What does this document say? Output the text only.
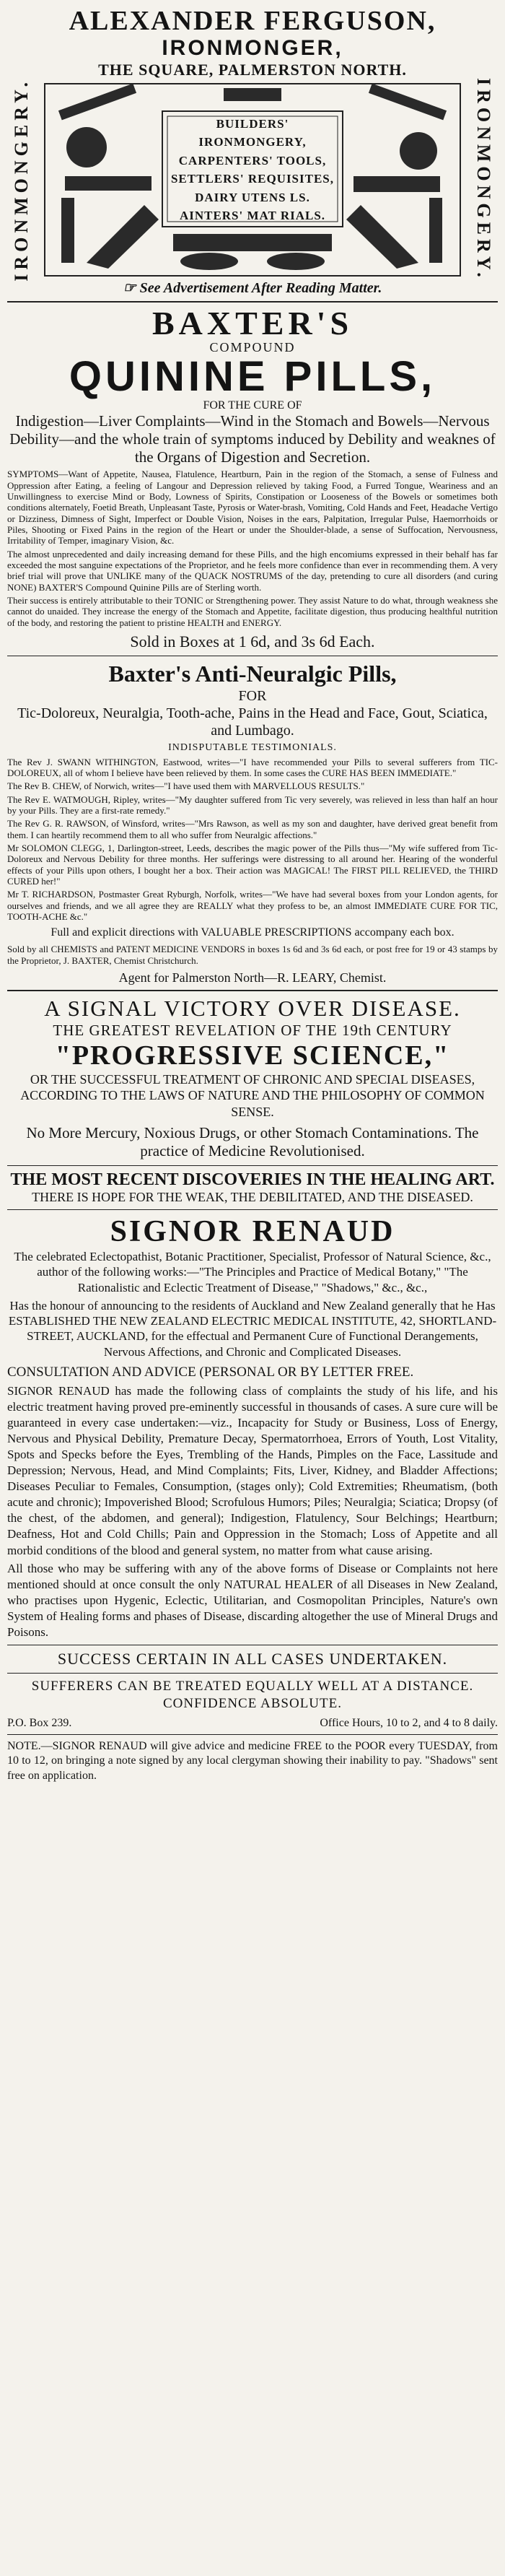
ALEXANDER FERGUSON,
IRONMONGER,
THE SQUARE, PALMERSTON NORTH.
IRONMONGERY.	IRONMONGERY.
BUILDERS' IRONMONGERY,
CARPENTERS' TOOLS,
SETTLERS' REQUISITES,
DAIRY UTENS LS.
AINTERS' MAT RIALS.
☞ See Advertisement After Reading Matter.
BAXTER'S
COMPOUND
QUININE PILLS,
FOR THE CURE OF
Indigestion—Liver Complaints—Wind in the Stomach and Bowels—Nervous Debility—and the whole train of symptoms induced by Debility and weaknes of the Organs of Digestion and Secretion.

SYMPTOMS—Want of Appetite, Nausea, Flatulence, Heartburn, Pain in the region of the Stomach, a sense of Fulness and Oppression after Eating, a feeling of Langour and Depression relieved by taking Food, a Furred Tongue, Weariness and an Unwillingness to exercise Mind or Body, Lowness of Spirits, Constipation or Looseness of the Bowels or sometimes both conditions alternately, Foetid Breath, Unpleasant Taste, Pyrosis or Water-brash, Vomiting, Cold Hands and Feet, Headache Vertigo or Dizziness, Dimness of Sight, Imperfect or Double Vision, Noises in the ears, Palpitation, Irregular Pulse, Haemorrhoids or Piles, Shooting or Fixed Pains in the region of the Heart or under the Shoulder-blade, a sense of Suffocation, Nervousness, Irritability of Temper, imaginary Vision, &c.

The almost unprecedented and daily increasing demand for these Pills, and the high encomiums expressed in their behalf has far exceeded the most sanguine expectations of the Proprietor, and he feels more confidence than ever in recommending them. A very brief trial will prove that UNLIKE many of the QUACK NOSTRUMS of the day, pretending to cure all disorders (and curing NONE) BAXTER'S Compound Quinine Pills are of Sterling worth.

Their success is entirely attributable to their TONIC or Strengthening power. They assist Nature to do what, through weakness she cannot do unaided. They increase the energy of the Stomach and Appetite, facilitate digestion, thus producing healthful nutrition of the body, and restoring the patient to pristine HEALTH and ENERGY.

Sold in Boxes at 1 6d, and 3s 6d Each.
Baxter's Anti-Neuralgic Pills,
FOR
Tic-Doloreux, Neuralgia, Tooth-ache, Pains in the Head and Face, Gout, Sciatica, and Lumbago.
INDISPUTABLE TESTIMONIALS.

The Rev J. SWANN WITHINGTON, Eastwood, writes—"I have recommended your Pills to several sufferers from TIC-DOLOREUX, all of whom I believe have been relieved by them. In some cases the CURE HAS BEEN IMMEDIATE."

The Rev B. CHEW, of Norwich, writes—"I have used them with MARVELLOUS RESULTS."

The Rev E. WATMOUGH, Ripley, writes—"My daughter suffered from Tic very severely, was relieved in less than half an hour by your Pills. They are a first-rate remedy."

The Rev G. R. RAWSON, of Winsford, writes—"Mrs Rawson, as well as my son and daughter, have derived great benefit from them. I can heartily recommend them to all who suffer from Neuralgic affections."

Mr SOLOMON CLEGG, 1, Darlington-street, Leeds, describes the magic power of the Pills thus—"My wife suffered from Tic-Doloreux and Nervous Debility for three months. Her sufferings were distressing to all around her. Hearing of the wonderful effects of your Pills upon others, I bought her a box. Their action was MAGICAL! The FIRST PILL RELIEVED, the THIRD CURED her!"

Mr T. RICHARDSON, Postmaster Great Ryburgh, Norfolk, writes—"We have had several boxes from your London agents, for ourselves and friends, and we all agree they are REALLY what they profess to be, an almost IMMEDIATE CURE FOR TIC, TOOTH-ACHE &c."

Full and explicit directions with VALUABLE PRESCRIPTIONS accompany each box.

Sold by all CHEMISTS and PATENT MEDICINE VENDORS in boxes 1s 6d and 3s 6d each, or post free for 19 or 43 stamps by the Proprietor, J. BAXTER, Chemist Christchurch.

Agent for Palmerston North—R. LEARY, Chemist.
A SIGNAL VICTORY OVER DISEASE.
THE GREATEST REVELATION OF THE 19th CENTURY
"PROGRESSIVE SCIENCE,"
OR THE SUCCESSFUL TREATMENT OF CHRONIC AND SPECIAL DISEASES, ACCORDING TO THE LAWS OF NATURE AND THE PHILOSOPHY OF COMMON SENSE.
No More Mercury, Noxious Drugs, or other Stomach Contaminations. The practice of Medicine Revolutionised.
THE MOST RECENT DISCOVERIES IN THE HEALING ART.
THERE IS HOPE FOR THE WEAK, THE DEBILITATED, AND THE DISEASED.
SIGNOR RENAUD
The celebrated Eclectopathist, Botanic Practitioner, Specialist, Professor of Natural Science, &c., author of the following works:—"The Principles and Practice of Medical Botany," "The Rationalistic and Eclectic Treatment of Disease," "Shadows," &c., &c.,
Has the honour of announcing to the residents of Auckland and New Zealand generally that he Has ESTABLISHED THE NEW ZEALAND ELECTRIC MEDICAL INSTITUTE, 42, SHORTLAND-STREET, AUCKLAND, for the effectual and Permanent Cure of Functional Derangements, Nervous Affections, and Chronic and Complicated Diseases.
CONSULTATION AND ADVICE (PERSONAL OR BY LETTER FREE.

SIGNOR RENAUD has made the following class of complaints the study of his life, and his electric treatment having proved pre-eminently successful in thousands of cases. A sure cure will be guaranteed in every case undertaken:—viz., Incapacity for Study or Business, Loss of Energy, Nervous and Physical Debility, Premature Decay, Spermatorrhoea, Errors of Youth, Lost Vitality, Spots and Specks before the Eyes, Trembling of the Hands, Pimples on the Face, Lassitude and Depression; Nervous, Head, and Mind Complaints; Fits, Liver, Kidney, and Bladder Affections; Diseases Peculiar to Females, Consumption, (stages only); Cold Extremities; Rheumatism, (both acute and chronic); Impoverished Blood; Scrofulous Humors; Piles; Neuralgia; Sciatica; Dropsy (of the chest, of the abdomen, and general); Indigestion, Flatulency, Sour Belchings; Heartburn; Deafness, Hot and Cold Chills; Pain and Oppression in the Stomach; Loss of Appetite and all morbid conditions of the blood and general system, no matter from what cause arising.

All those who may be suffering with any of the above forms of Disease or Complaints not here mentioned should at once consult the only NATURAL HEALER of all Diseases in New Zealand, who practises upon Hygenic, Eclectic, Utilitarian, and Cosmopolitan Principles, Nature's own System of Healing forms and phases of Disease, discarding altogether the use of Mineral Drugs and Poisons.

SUCCESS CERTAIN IN ALL CASES UNDERTAKEN.
SUFFERERS CAN BE TREATED EQUALLY WELL AT A DISTANCE. CONFIDENCE ABSOLUTE.
P.O. Box 239.	Office Hours, 10 to 2, and 4 to 8 daily.

NOTE.—SIGNOR RENAUD will give advice and medicine FREE to the POOR every TUESDAY, from 10 to 12, on bringing a note signed by any local clergyman showing their inability to pay. "Shadows" sent free on application.
